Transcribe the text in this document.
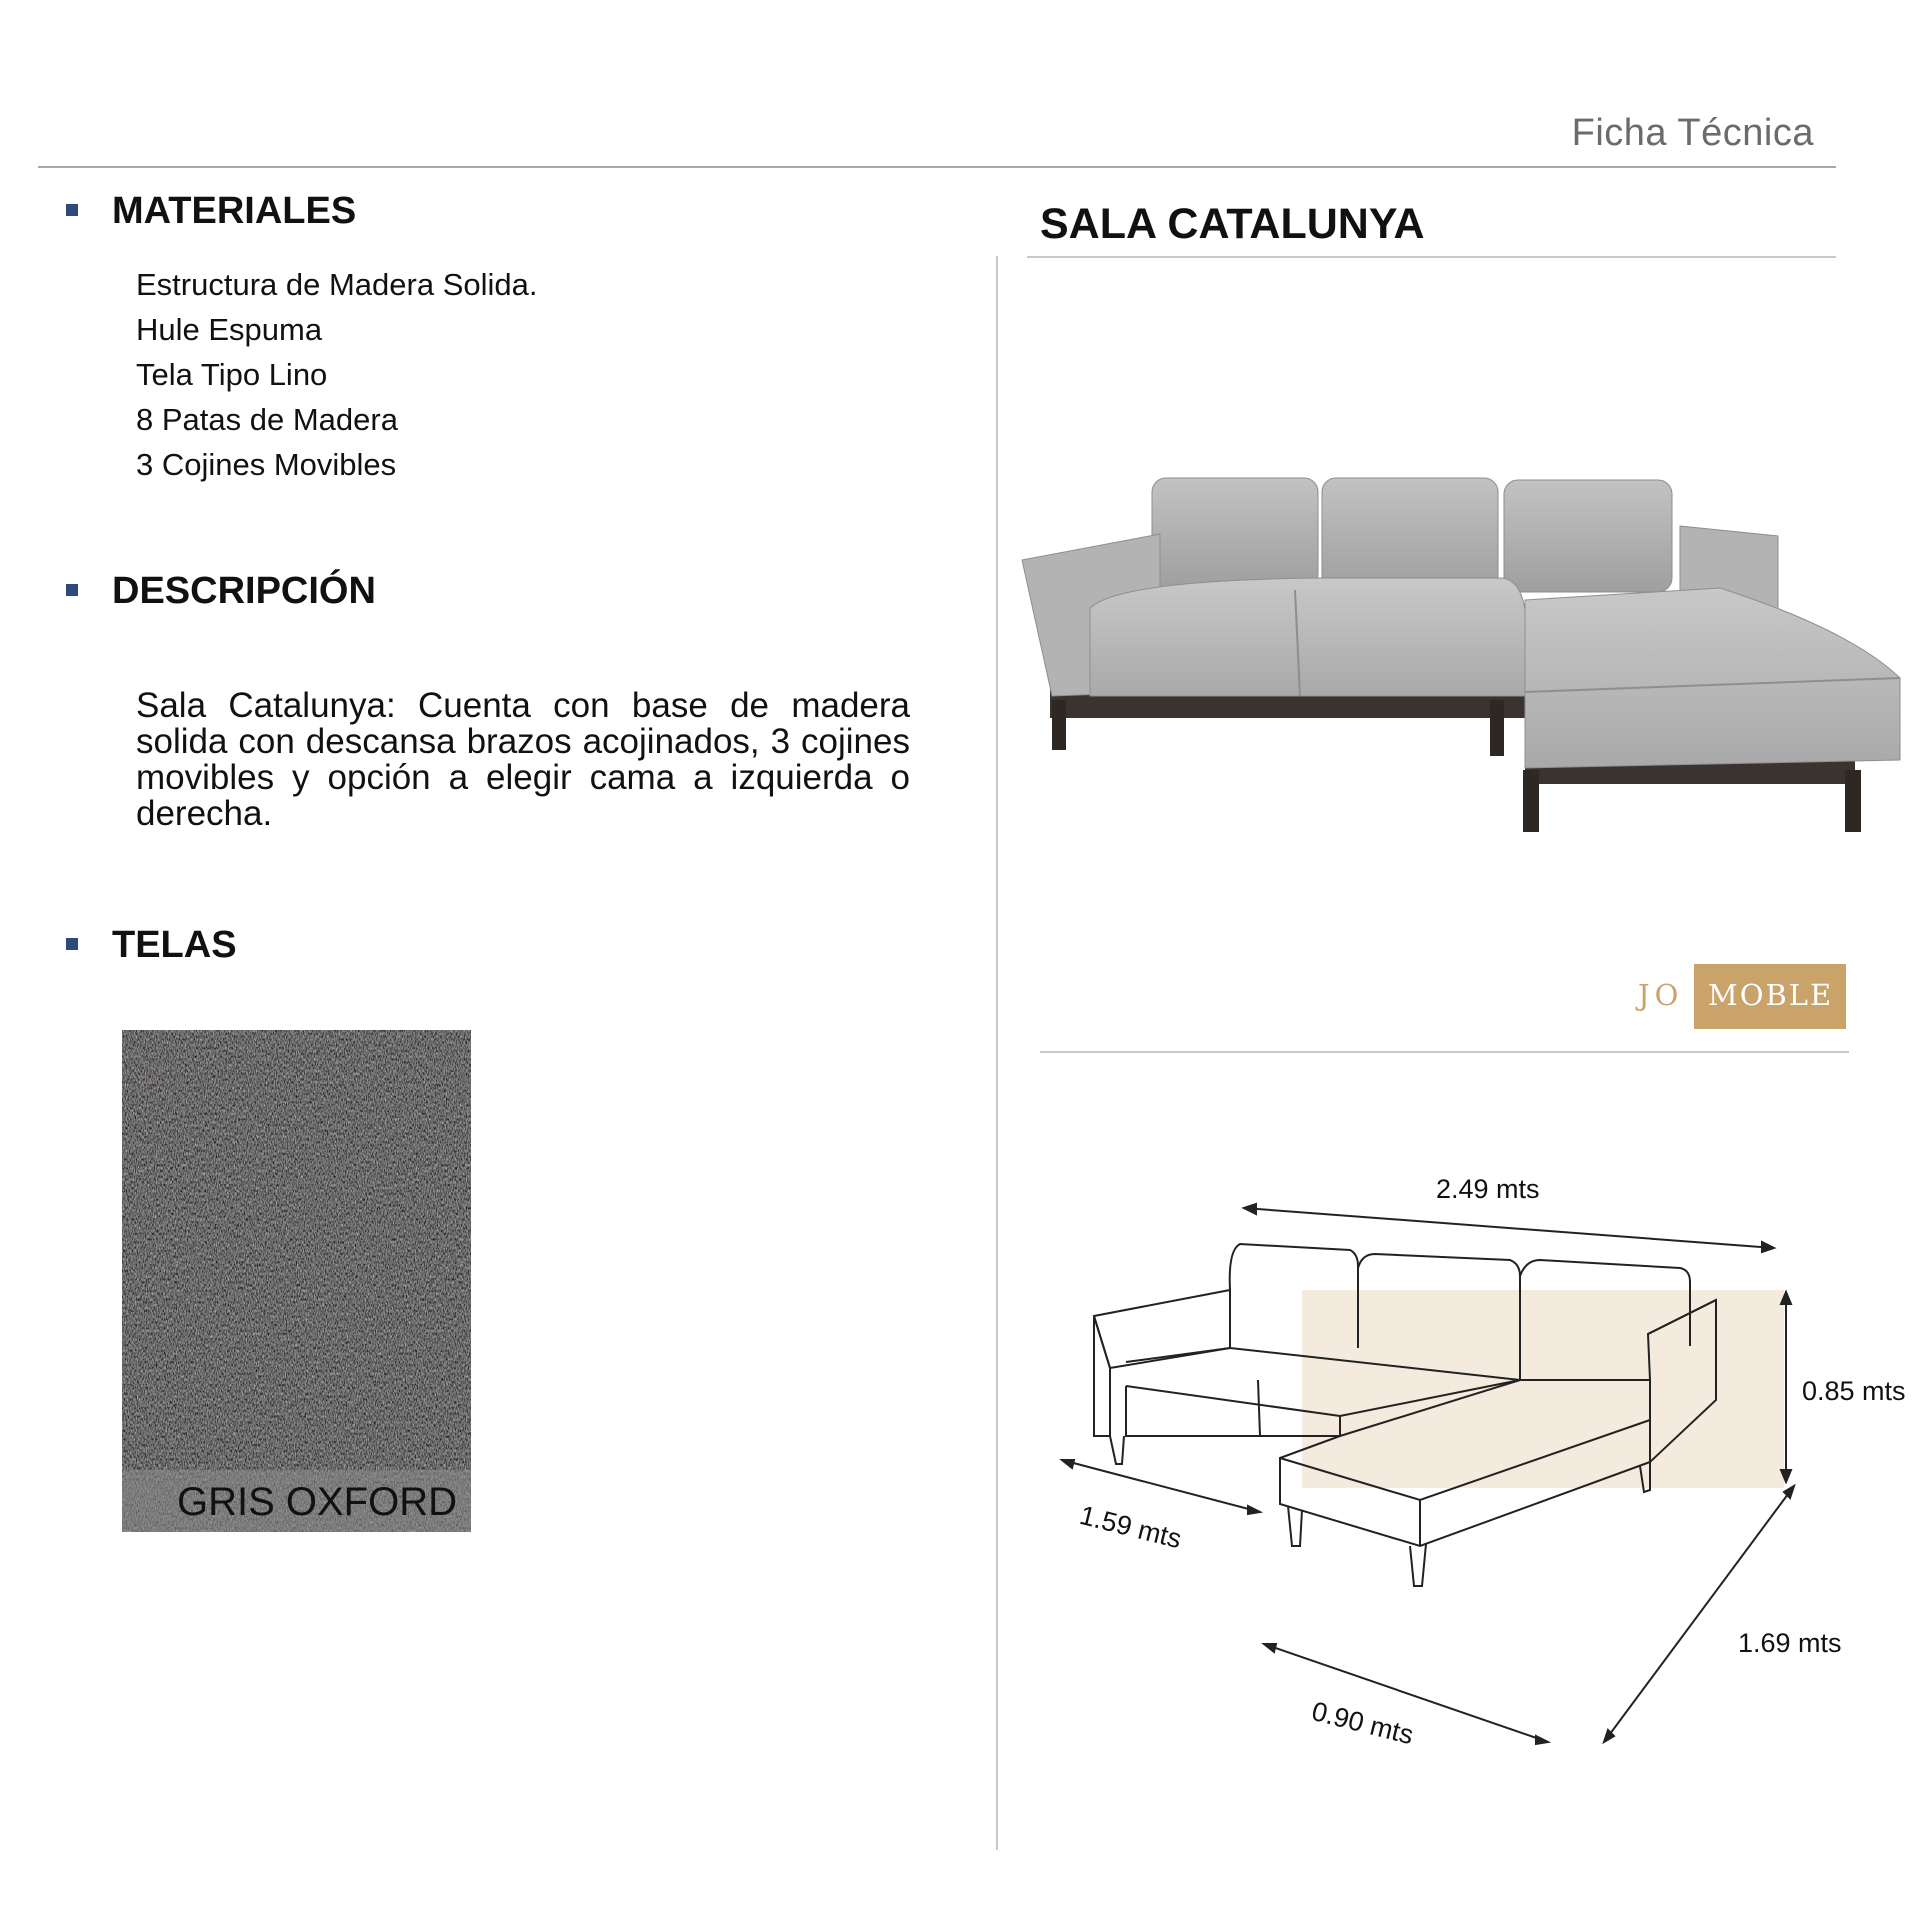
Ficha Técnica
MATERIALES
Estructura de Madera Solida.
Hule Espuma
Tela Tipo Lino
8 Patas de Madera
3 Cojines Movibles
DESCRIPCIÓN
Sala Catalunya: Cuenta con base de madera solida con descansa brazos acojinados, 3 cojines movibles y opción a elegir cama a izquierda o derecha.
TELAS
GRIS OXFORD
SALA CATALUNYA
JO MOBLE
2.49 mts
0.85 mts
1.59 mts
1.69 mts
0.90 mts
